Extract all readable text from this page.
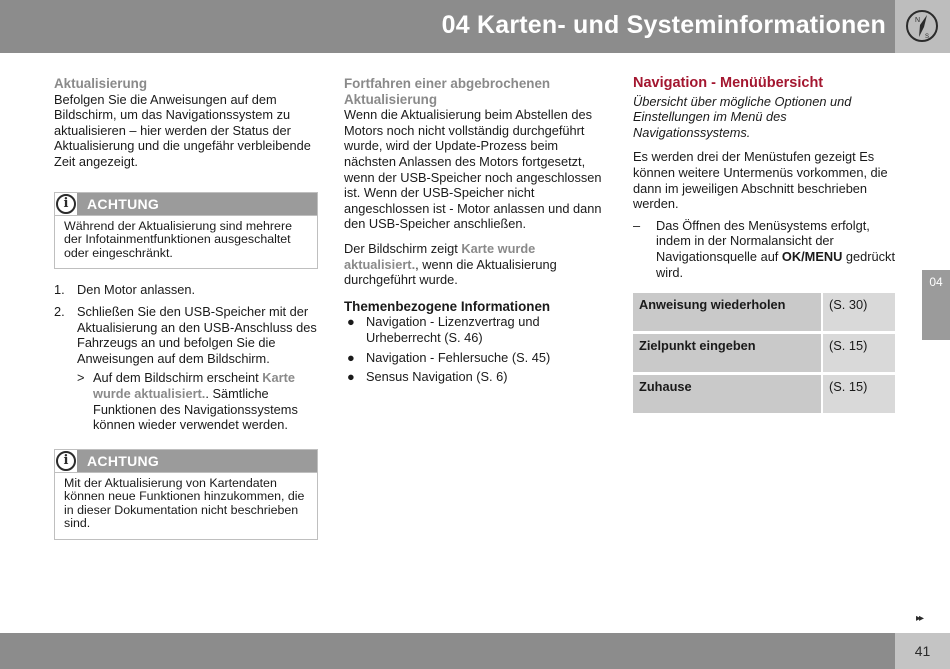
04 Karten- und Systeminformationen	N
S
Aktualisierung

Befolgen Sie die Anweisungen auf dem Bildschirm, um das Navigationssystem zu aktualisieren – hier werden der Status der Aktualisierung und die ungefähr verbleibende Zeit angezeigt.

i	ACHTUNG
Während der Aktualisierung sind mehrere der Infotainmentfunktionen ausgeschaltet oder eingeschränkt.
1. Den Motor anlassen.
2. Schließen Sie den USB-Speicher mit der Aktualisierung an den USB-Anschluss des Fahrzeugs an und befolgen Sie die Anweisungen auf dem Bildschirm.
> Auf dem Bildschirm erscheint Karte wurde aktualisiert.. Sämtliche Funktionen des Navigationssystems können wieder verwendet werden.
i	ACHTUNG
Mit der Aktualisierung von Kartendaten können neue Funktionen hinzukommen, die in dieser Dokumentation nicht beschrieben sind.
Fortfahren einer abgebrochenen Aktualisierung

Wenn die Aktualisierung beim Abstellen des Motors noch nicht vollständig durchgeführt wurde, wird der Update-Prozess beim nächsten Anlassen des Motors fortgesetzt, wenn der USB-Speicher noch angeschlossen ist. Wenn der USB-Speicher nicht angeschlossen ist - Motor anlassen und dann den USB-Speicher anschließen.

Der Bildschirm zeigt Karte wurde aktualisiert., wenn die Aktualisierung durchgeführt wurde.

Themenbezogene Informationen
● Navigation - Lizenzvertrag und Urheberrecht (S. 46)
● Navigation - Fehlersuche (S. 45)
● Sensus Navigation (S. 6)
Navigation - Menüübersicht

Übersicht über mögliche Optionen und Einstellungen im Menü des Navigationssystems.

Es werden drei der Menüstufen gezeigt Es können weitere Untermenüs vorkommen, die dann im jeweiligen Abschnitt beschrieben werden.

– Das Öffnen des Menüsystems erfolgt, indem in der Normalansicht der Navigationsquelle auf OK/MENU gedrückt wird.
Anweisung wiederholen	(S. 30)
Zielpunkt eingeben	(S. 15)
Zuhause	(S. 15)
04
▸▸
41
